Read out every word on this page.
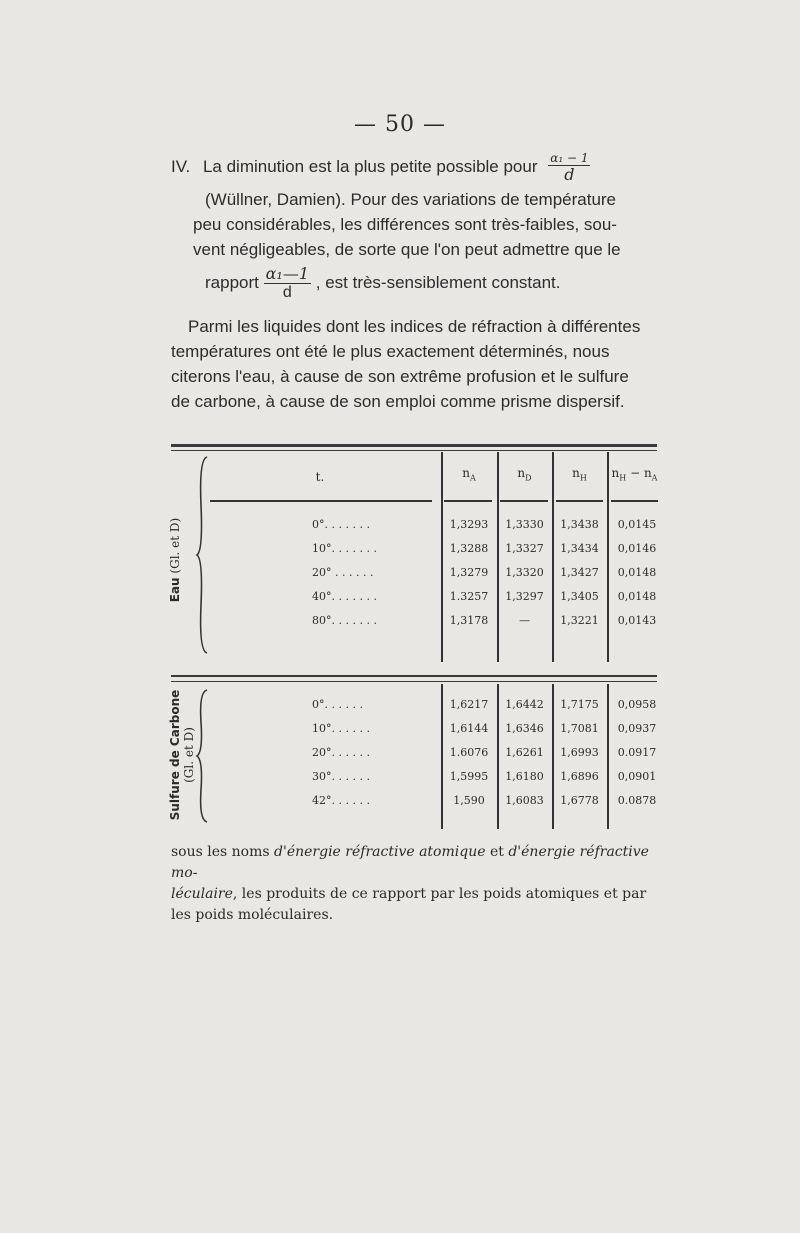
— 50 —
IV. La diminution est la plus petite possible pour $\frac{\text{α₁ − 1}}{d}$
(Wüllner, Damien). Pour des variations de température
peu considérables, les différences sont très-faibles, sou-
vent négligeables, de sorte que l'on peut admettre que le
rapport $\frac{\text{α₁—1}}{d}$ , est très-sensiblement constant.
Parmi les liquides dont les indices de réfraction à différentes
températures ont été le plus exactement déterminés, nous
citerons l'eau, à cause de son extrême profusion et le sulfure
de carbone, à cause de son emploi comme prisme dispersif.
t.	$n_A$	$n_D$	$n_H$	$n_H - n_A$
Eau (Gl. et D)	0°. . . . . . .	1,3293	1,3330	1,3438	0,0145
10°. . . . . . .	1,3288	1,3327	1,3434	0,0146
20° . . . . . .	1,3279	1,3320	1,3427	0,0148
40°. . . . . . .	1.3257	1,3297	1,3405	0,0148
80°. . . . . . .	1,3178	—	1,3221	0,0143
Sulfure de Carbone
(Gl. et D)
0°. . . . . .	1,6217	1,6442	1,7175	0,0958
10°. . . . . .	1,6144	1,6346	1,7081	0,0937
20°. . . . . .	1.6076	1,6261	1,6993	0.0917
30°. . . . . .	1,5995	1,6180	1,6896	0,0901
42°. . . . . .	1,590	1,6083	1,6778	0.0878
sous les noms d'énergie réfractive atomique et d'énergie réfractive mo-
léculaire, les produits de ce rapport par les poids atomiques et par
les poids moléculaires.
